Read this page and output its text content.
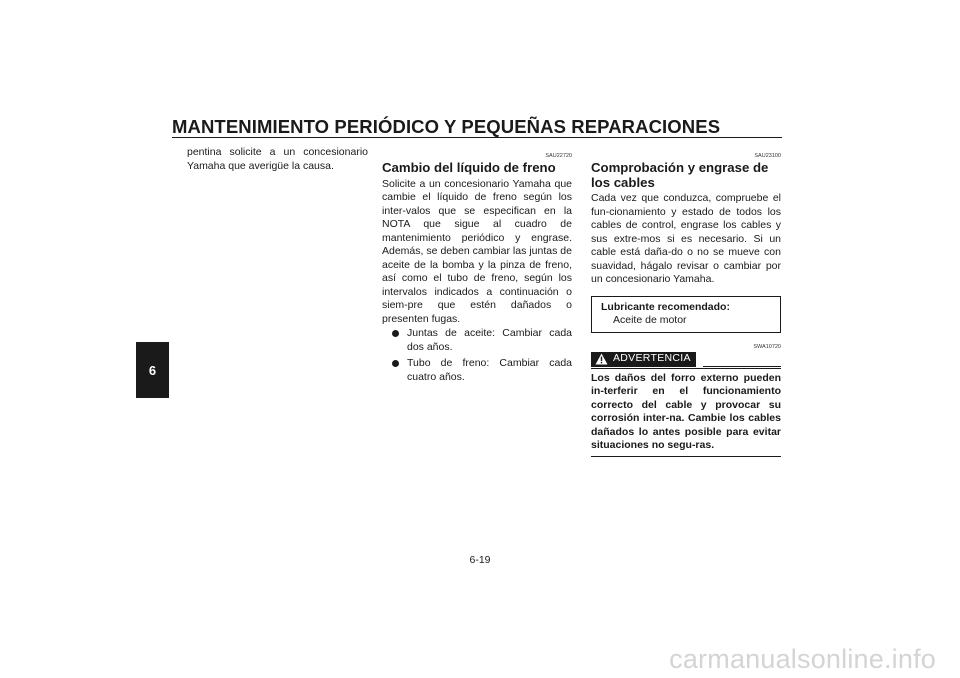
MANTENIMIENTO PERIÓDICO Y PEQUEÑAS REPARACIONES
6

pentina solicite a un concesionario Yamaha que averigüe la causa.

SAU22720

Cambio del líquido de freno

Solicite a un concesionario Yamaha que cambie el líquido de freno según los inter-valos que se especifican en la NOTA que sigue al cuadro de mantenimiento periódico y engrase. Además, se deben cambiar las juntas de aceite de la bomba y la pinza de freno, así como el tubo de freno, según los intervalos indicados a continuación o siem-pre que estén dañados o presenten fugas.

Juntas de aceite: Cambiar cada dos años.
Tubo de freno: Cambiar cada cuatro años.

SAU23100

Comprobación y engrase de los cables

Cada vez que conduzca, compruebe el fun-cionamiento y estado de todos los cables de control, engrase los cables y sus extre-mos si es necesario. Si un cable está daña-do o no se mueve con suavidad, hágalo revisar o cambiar por un concesionario Yamaha.

Lubricante recomendado:

Aceite de motor

SWA10720

ADVERTENCIA

Los daños del forro externo pueden in-terferir en el funcionamiento correcto del cable y provocar su corrosión inter-na. Cambie los cables dañados lo antes posible para evitar situaciones no segu-ras.

6-19

carmanualsonline.info
